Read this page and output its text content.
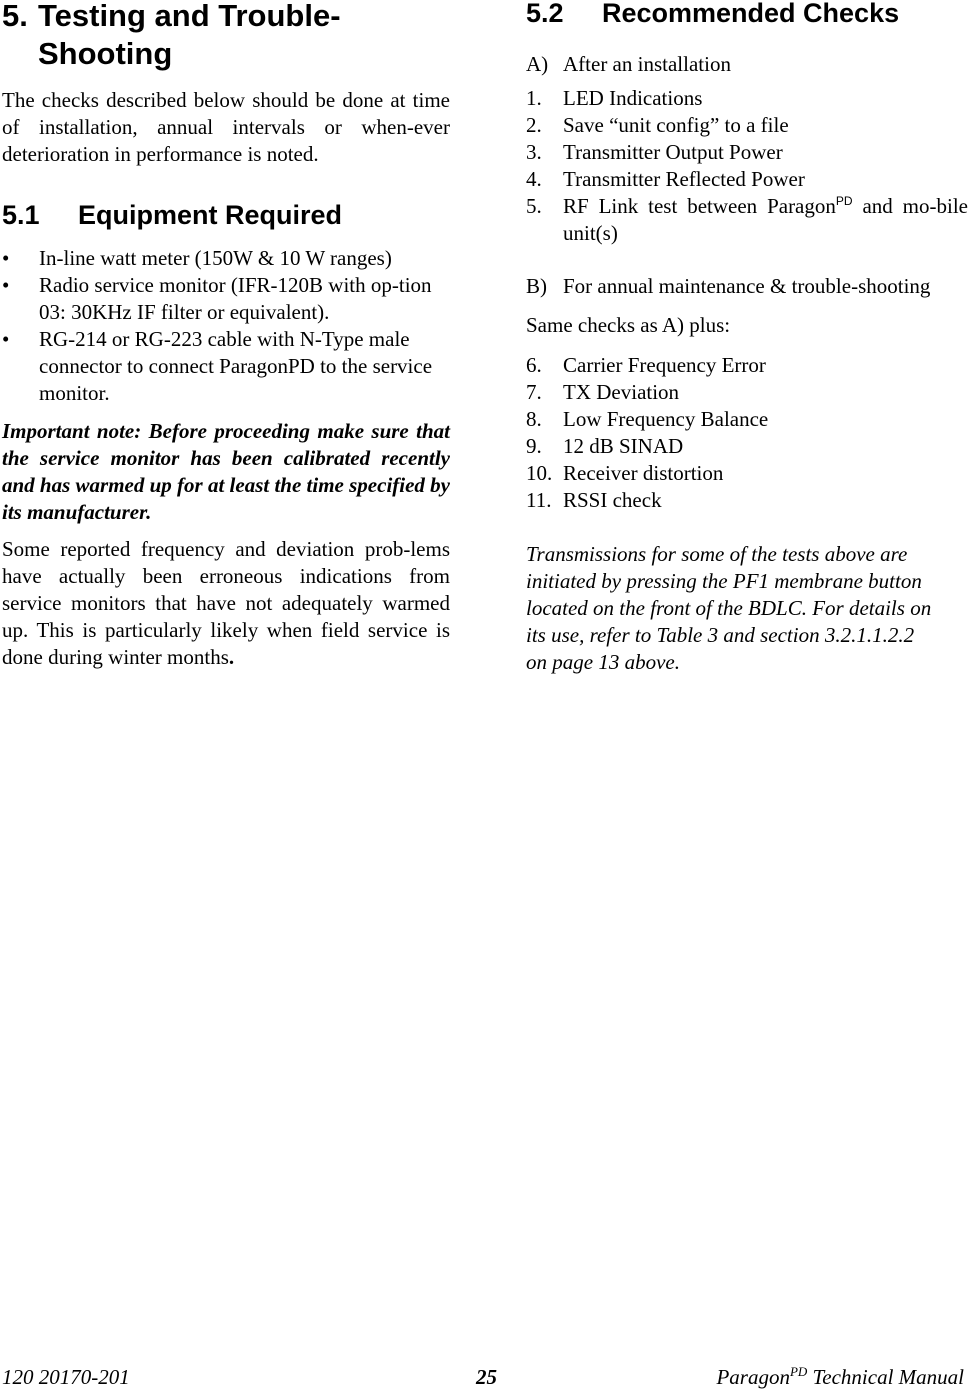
5. Testing and Trouble-
Shooting

The checks described below should be done at time of installation, annual intervals or when-ever deterioration in performance is noted.

5.1	Equipment Required
•	In-line watt meter (150W & 10 W ranges)
•	Radio service monitor (IFR-120B with op-tion 03: 30KHz IF filter or equivalent).
•	RG-214 or RG-223 cable with N-Type male connector to connect ParagonPD to the service monitor.

Important note: Before proceeding make sure that the service monitor has been calibrated recently and has warmed up for at least the time specified by its manufacturer.

Some reported frequency and deviation prob-lems have actually been erroneous indications from service monitors that have not adequately warmed up. This is particularly likely when field service is done during winter months.

5.2	Recommended Checks
A) After an installation
1.	LED Indications
2.	Save “unit config” to a file
3.	Transmitter Output Power
4.	Transmitter Reflected Power
5.	RF Link test between Paragon$^{PD}$ and mo-bile unit(s)
B) For annual maintenance & trouble-shooting

Same checks as A) plus:

6.	Carrier Frequency Error
7.	TX Deviation
8.	Low Frequency Balance
9.	12 dB SINAD
10. Receiver distortion
11. RSSI check
Transmissions for some of the tests above are
initiated by pressing the PF1 membrane button
located on the front of the BDLC. For details on
its use, refer to Table 3 and section 3.2.1.1.2.2
on page 13 above.
120 20170-201	25	Paragon$^{PD}$ Technical Manual
